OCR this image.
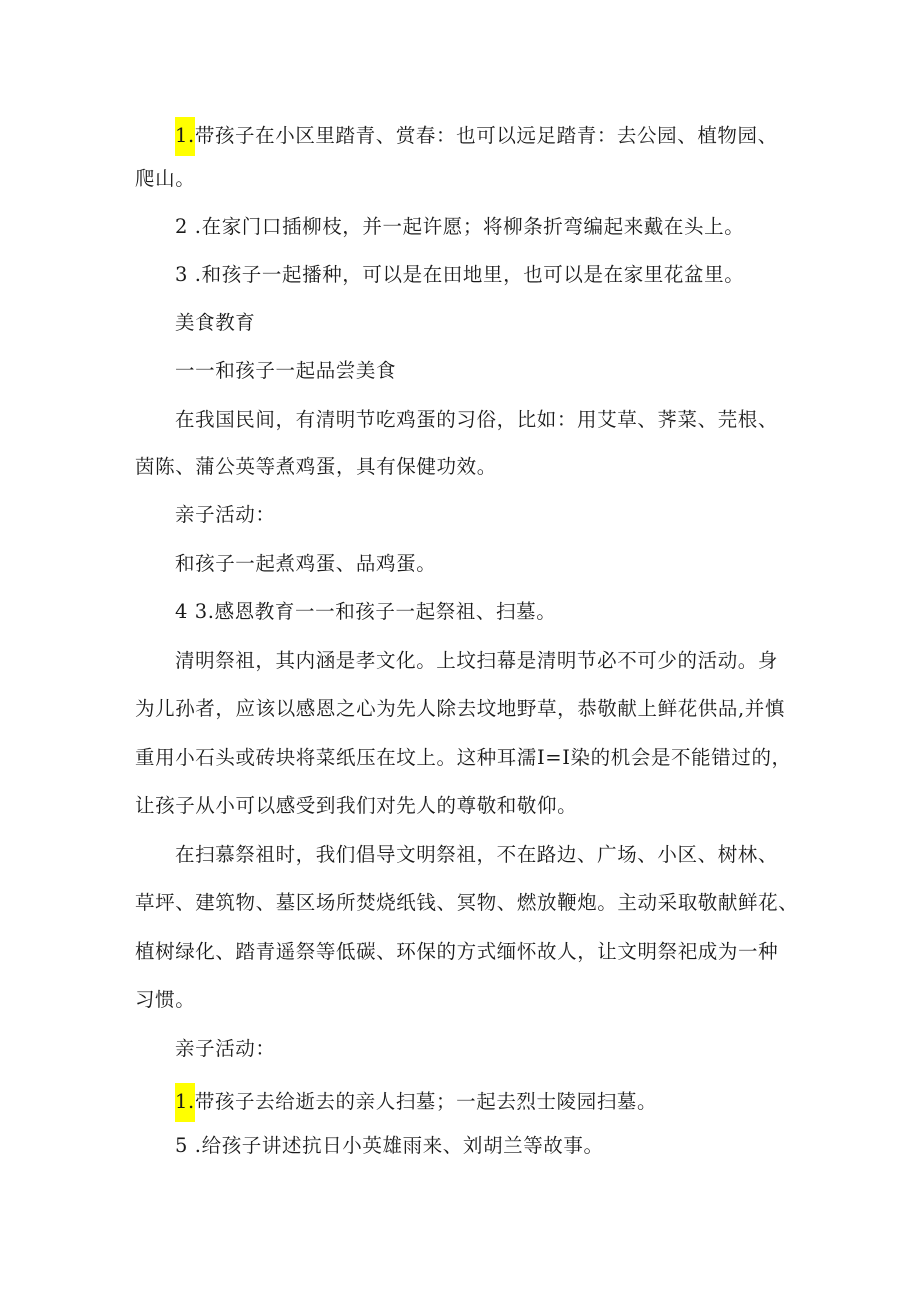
1.带孩子在小区里踏青、赏春：也可以远足踏青：去公园、植物园、
爬山。
2 .在家门口插柳枝，并一起许愿；将柳条折弯编起来戴在头上。
3 .和孩子一起播种，可以是在田地里，也可以是在家里花盆里。
美食教育
一一和孩子一起品尝美食
在我国民间，有清明节吃鸡蛋的习俗，比如：用艾草、荠菜、芫根、
茵陈、蒲公英等煮鸡蛋，具有保健功效。
亲子活动：
和孩子一起煮鸡蛋、品鸡蛋。
4 3.感恩教育一一和孩子一起祭祖、扫墓。
清明祭祖，其内涵是孝文化。上坟扫幕是清明节必不可少的活动。身
为儿孙者，应该以感恩之心为先人除去坟地野草，恭敬献上鲜花供品,并慎
重用小石头或砖块将菜纸压在坟上。这种耳濡I=I染的机会是不能错过的，
让孩子从小可以感受到我们对先人的尊敬和敬仰。
在扫慕祭祖时，我们倡导文明祭祖，不在路边、广场、小区、树林、
草坪、建筑物、墓区场所焚烧纸钱、冥物、燃放鞭炮。主动采取敬献鲜花、
植树绿化、踏青遥祭等低碳、环保的方式缅怀故人，让文明祭祀成为一种
习惯。
亲子活动：
1.带孩子去给逝去的亲人扫墓；一起去烈士陵园扫墓。
5 .给孩子讲述抗日小英雄雨来、刘胡兰等故事。
